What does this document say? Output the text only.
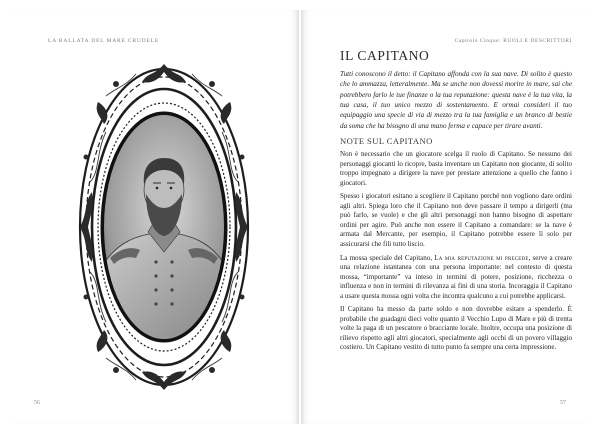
LA BALLATA DEL MARE CRUDELE
56
Capitolo Cinque: RUOLI E DESCRITTORI
IL CAPITANO

Tutti conoscono il detto: il Capitano affonda con la sua nave. Di solito è questo che lo ammazza, letteralmente. Ma se anche non dovessi morire in mare, sai che potrebbero farlo le tue finanze o la tua reputazione: questa nave è la tua vita, la tua casa, il tuo unico mezzo di sostentamento. E ormai consideri il tuo equipaggio una specie di via di mezzo tra la tua famiglia e un branco di bestie da soma che ha bisogno di una mano ferma e capace per tirare avanti.

NOTE SUL CAPITANO

Non è necessario che un giocatore scelga il ruolo di Capitano. Se nessuno dei personaggi giocanti lo ricopre, basta inventare un Capitano non giocante, di solito troppo impegnato a dirigere la nave per prestare attenzione a quello che fanno i giocatori.

Spesso i giocatori esitano a scegliere il Capitano perché non vogliono dare ordini agli altri. Spiega loro che il Capitano non deve passare il tempo a dirigerli (ma può farlo, se vuole) e che gli altri personaggi non hanno bisogno di aspettare ordini per agire. Può anche non essere il Capitano a comandare: se la nave è armata dal Mercante, per esempio, il Capitano potrebbe essere lì solo per assicurarsi che fili tutto liscio.

La mossa speciale del Capitano, La mia reputazione mi precede, serve a creare una relazione istantanea con una persona importante: nel contesto di questa mossa, “importante” va inteso in termini di potere, posizione, ricchezza o influenza e non in termini di rilevanza ai fini di una storia. Incoraggia il Capitano a usare questa mossa ogni volta che incontra qualcuno a cui potrebbe applicarsi.

Il Capitano ha messo da parte soldo e non dovrebbe esitare a spenderlo. È probabile che guadagni dieci volte quanto il Vecchio Lupo di Mare e più di trenta volte la paga di un pescatore o bracciante locale. Inoltre, occupa una posizione di rilievo rispetto agli altri giocatori, specialmente agli occhi di un povero villaggio costiero. Un Capitano vestito di tutto punto fa sempre una certa impressione.

57
